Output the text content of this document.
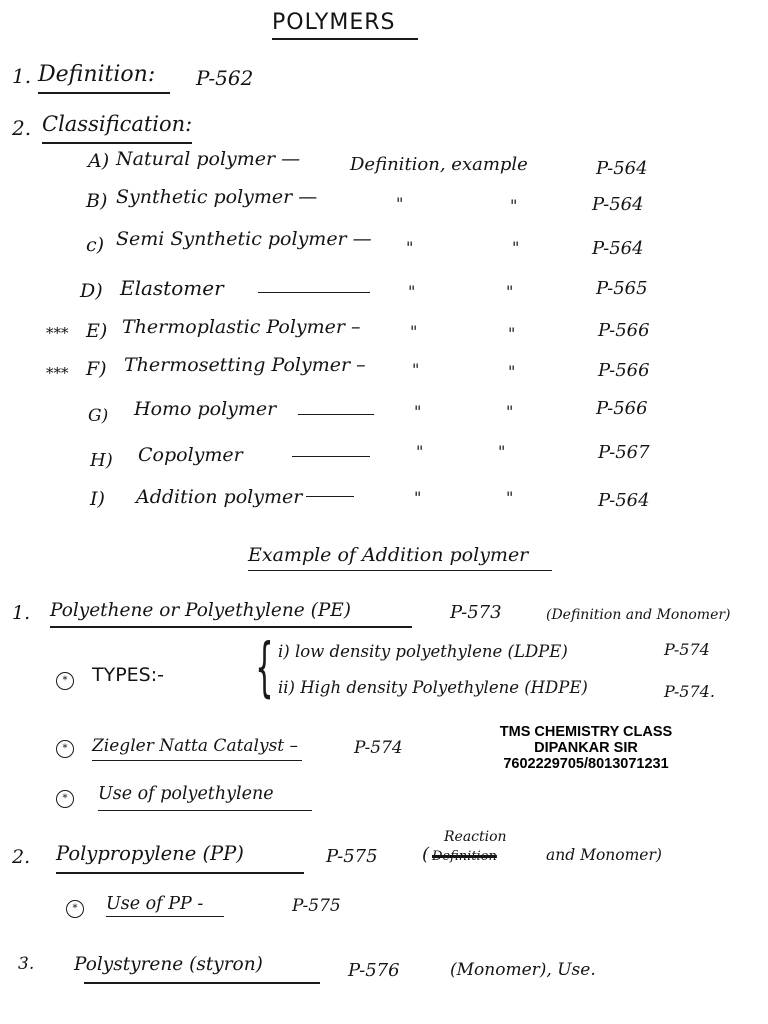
POLYMERS
1. Definition: P-562
2. Classification:
A) Natural polymer —	Definition, example	P-564
B) Synthetic polymer —	"	"	P-564
c) Semi Synthetic polymer — "	"	P-564
D) Elastomer	"	"	P-565
*** E) Thermoplastic Polymer –	"	"	P-566
*** F) Thermosetting Polymer –	"	"	P-566
G) Homo polymer	"	"	P-566
H) Copolymer	"	"	P-567
I) Addition polymer	"	"	P-564
Example of Addition polymer
1. Polyethene or Polyethylene (PE)	P-573	(Definition and Monomer)
*	TYPES:- { i) low density polyethylene (LDPE)	P-574
ii) High density Polyethylene (HDPE)	P-574.
*	Ziegler Natta Catalyst –	P-574
TMS CHEMISTRY CLASS
DIPANKAR SIR
7602229705/8013071231
*	Use of polyethylene
2. Polypropylene (PP)	P-575
Reaction
( Definition	and Monomer)
*	Use of PP -	P-575
3. Polystyrene (styron)	P-576	(Monomer), Use.
